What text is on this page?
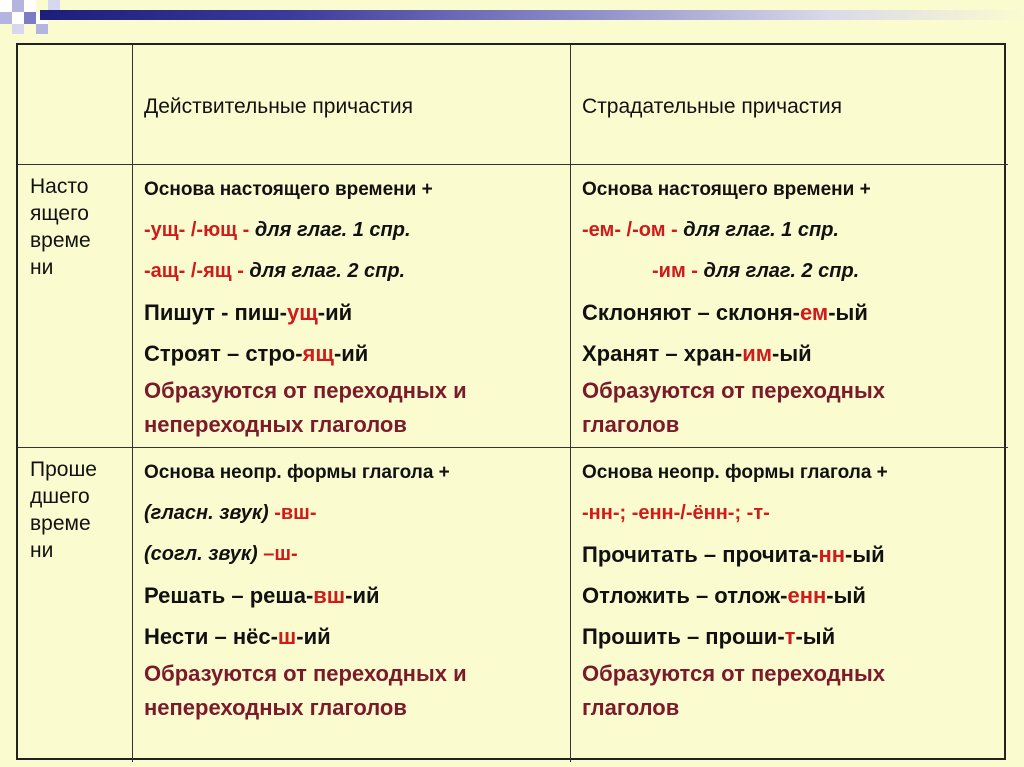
Действительные причастия	Страдательные причастия
Насто
ящего
време
ни
Основа настоящего времени +
-ущ- /-ющ - для глаг. 1 спр.
-ащ- /-ящ - для глаг. 2 спр.
Пишут - пиш-ущ-ий
Строят – стро-ящ-ий
Образуются от переходных и непереходных глаголов
Основа настоящего времени +
-ем- /-ом - для глаг. 1 спр.
-им - для глаг. 2 спр.
Склоняют – склоня-ем-ый
Хранят – хран-им-ый
Образуются от переходных глаголов
Проше
дшего
време
ни
Основа неопр. формы глагола +
(гласн. звук) -вш-
(согл. звук) –ш-
Решать – реша-вш-ий
Нести – нёс-ш-ий
Образуются от переходных и непереходных глаголов
Основа неопр. формы глагола +
-нн-; -енн-/-ённ-; -т-
Прочитать – прочита-нн-ый
Отложить – отлож-енн-ый
Прошить – проши-т-ый
Образуются от переходных глаголов
